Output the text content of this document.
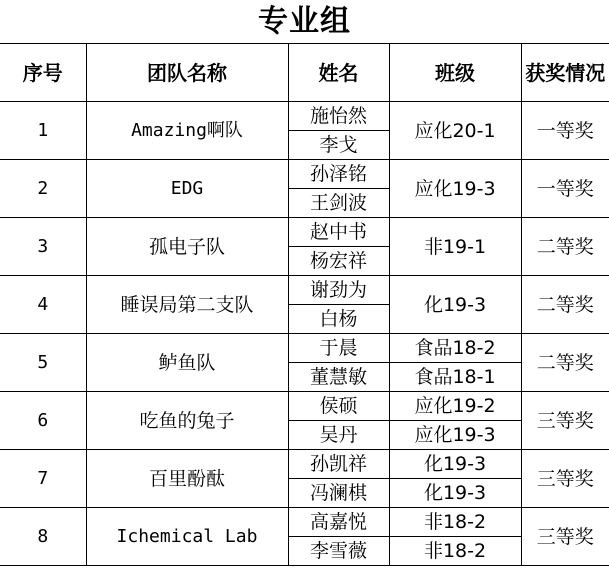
专业组
序号	团队名称	姓名	班级	获奖情况
1	Amazing啊队	施怡然	应化20-1	一等奖
		李戈		
2	EDG	孙泽铭	应化19-3	一等奖
		王剑波		
3	孤电子队	赵中书	非19-1	二等奖
		杨宏祥		
4	睡误局第二支队	谢劲为	化19-3	二等奖
		白杨		
5	鲈鱼队	于晨	食品18-2	二等奖
		董慧敏	食品18-1	
6	吃鱼的兔子	侯硕	应化19-2	三等奖
		吴丹	应化19-3	
7	百里酚酞	孙凯祥	化19-3	三等奖
		冯澜棋	化19-3	
8	Ichemical Lab	高嘉悦	非18-2	三等奖
		李雪薇	非18-2	
